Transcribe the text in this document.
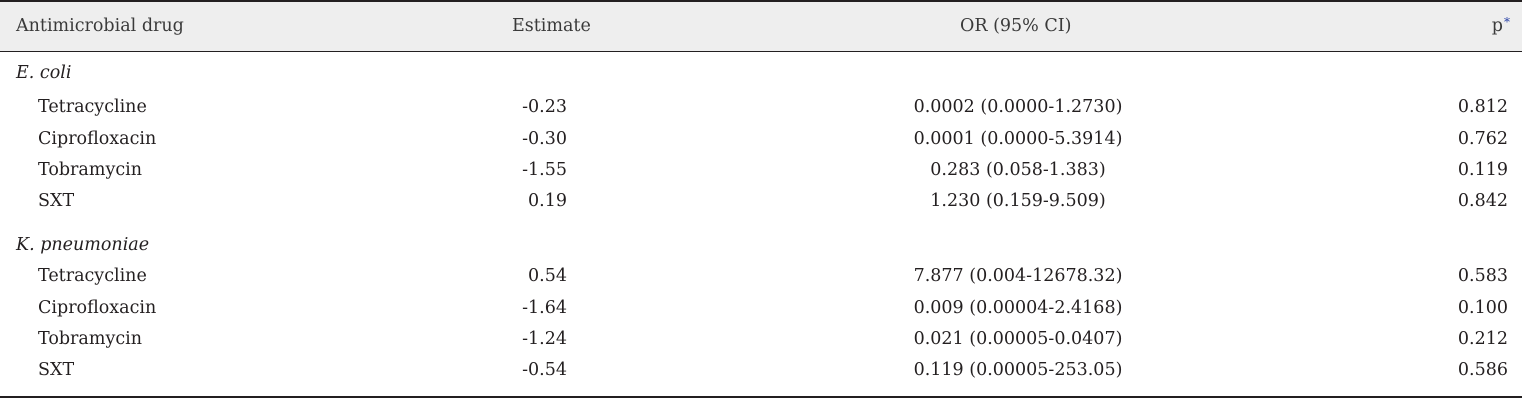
Antimicrobial drug	Estimate	OR (95% CI)	p*
E. coli
Tetracycline	-0.23	0.0002 (0.0000-1.2730)	0.812
Ciprofloxacin	-0.30	0.0001 (0.0000-5.3914)	0.762
Tobramycin	-1.55	0.283 (0.058-1.383)	0.119
SXT	0.19	1.230 (0.159-9.509)	0.842
K. pneumoniae
Tetracycline	0.54	7.877 (0.004-12678.32)	0.583
Ciprofloxacin	-1.64	0.009 (0.00004-2.4168)	0.100
Tobramycin	-1.24	0.021 (0.00005-0.0407)	0.212
SXT	-0.54	0.119 (0.00005-253.05)	0.586
